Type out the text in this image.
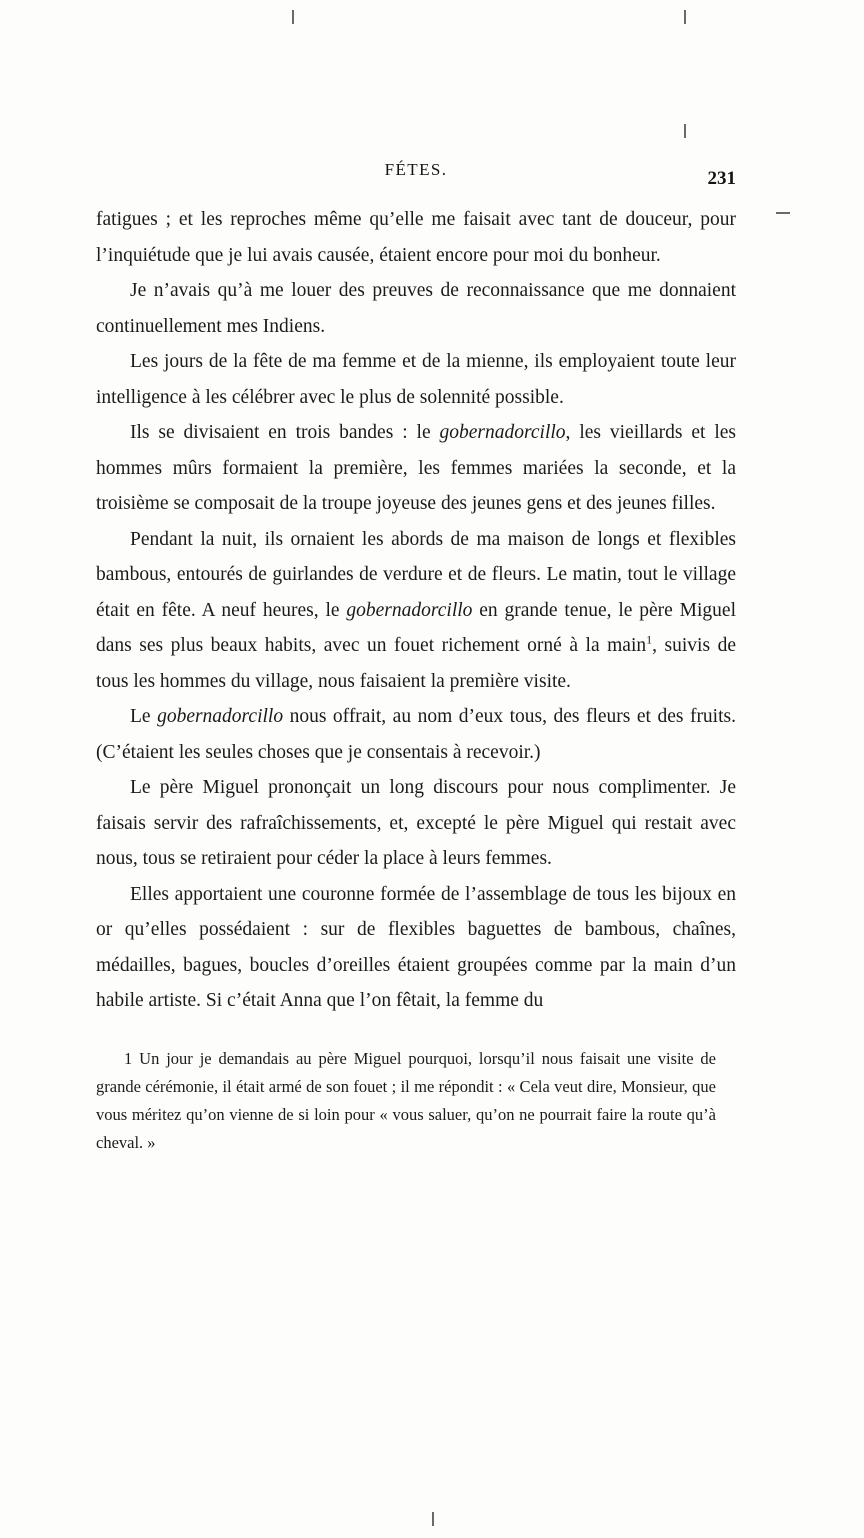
FÉTES.	231

fatigues ; et les reproches même qu’elle me faisait avec tant de douceur, pour l’inquiétude que je lui avais causée, étaient encore pour moi du bonheur.

Je n’avais qu’à me louer des preuves de reconnaissance que me donnaient continuellement mes Indiens.

Les jours de la fête de ma femme et de la mienne, ils employaient toute leur intelligence à les célébrer avec le plus de solennité possible.

Ils se divisaient en trois bandes : le gobernadorcillo, les vieillards et les hommes mûrs formaient la première, les femmes mariées la seconde, et la troisième se composait de la troupe joyeuse des jeunes gens et des jeunes filles.

Pendant la nuit, ils ornaient les abords de ma maison de longs et flexibles bambous, entourés de guirlandes de verdure et de fleurs. Le matin, tout le village était en fête. A neuf heures, le gobernadorcillo en grande tenue, le père Miguel dans ses plus beaux habits, avec un fouet richement orné à la main$^1$, suivis de tous les hommes du village, nous faisaient la première visite.

Le gobernadorcillo nous offrait, au nom d’eux tous, des fleurs et des fruits. (C’étaient les seules choses que je consentais à recevoir.)

Le père Miguel prononçait un long discours pour nous complimenter. Je faisais servir des rafraîchissements, et, excepté le père Miguel qui restait avec nous, tous se retiraient pour céder la place à leurs femmes.

Elles apportaient une couronne formée de l’assemblage de tous les bijoux en or qu’elles possédaient : sur de flexibles baguettes de bambous, chaînes, médailles, bagues, boucles d’oreilles étaient groupées comme par la main d’un habile artiste. Si c’était Anna que l’on fêtait, la femme du

1 Un jour je demandais au père Miguel pourquoi, lorsqu’il nous faisait une visite de grande cérémonie, il était armé de son fouet ; il me répondit : « Cela veut dire, Monsieur, que vous méritez qu’on vienne de si loin pour « vous saluer, qu’on ne pourrait faire la route qu’à cheval. »
